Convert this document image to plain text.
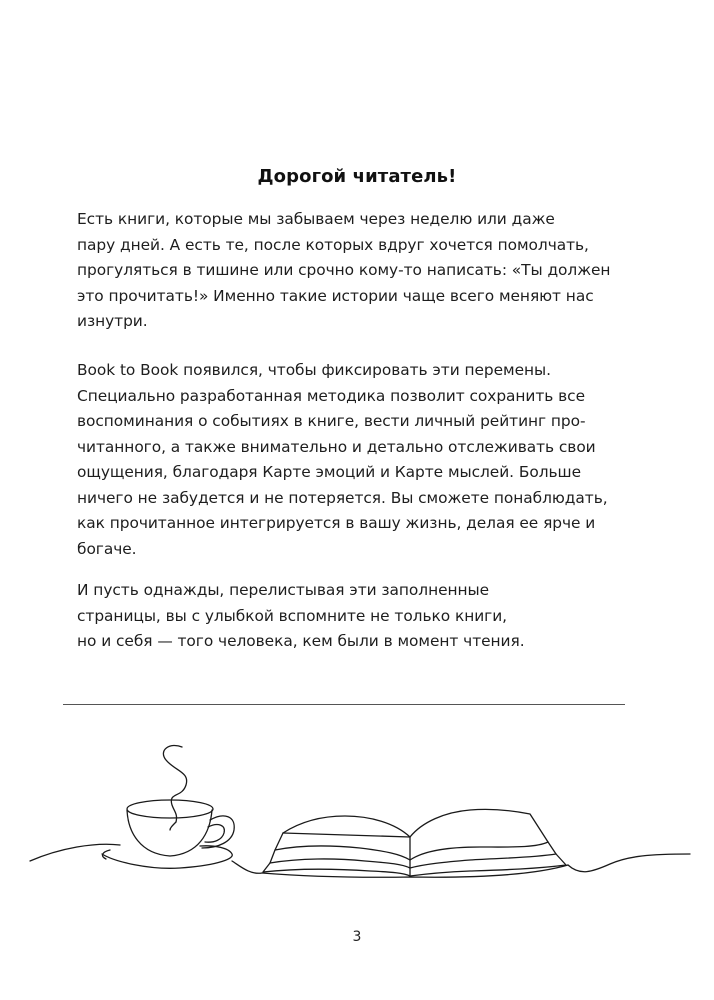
Дорогой читатель!

Есть книги, которые мы забываем через неделю или даже
пару дней. А есть те, после которых вдруг хочется помолчать,
прогуляться в тишине или срочно кому-то написать: «Ты должен
это прочитать!» Именно такие истории чаще всего меняют нас
изнутри.

Book to Book появился, чтобы фиксировать эти перемены.
Специально разработанная методика позволит сохранить все
воспоминания о событиях в книге, вести личный рейтинг про-
читанного, а также внимательно и детально отслеживать свои
ощущения, благодаря Карте эмоций и Карте мыслей. Больше
ничего не забудется и не потеряется. Вы сможете понаблюдать,
как прочитанное интегрируется в вашу жизнь, делая ее ярче и
богаче.

И пусть однажды, перелистывая эти заполненные
страницы, вы с улыбкой вспомните не только книги,
но и себя — того человека, кем были в момент чтения.

3
